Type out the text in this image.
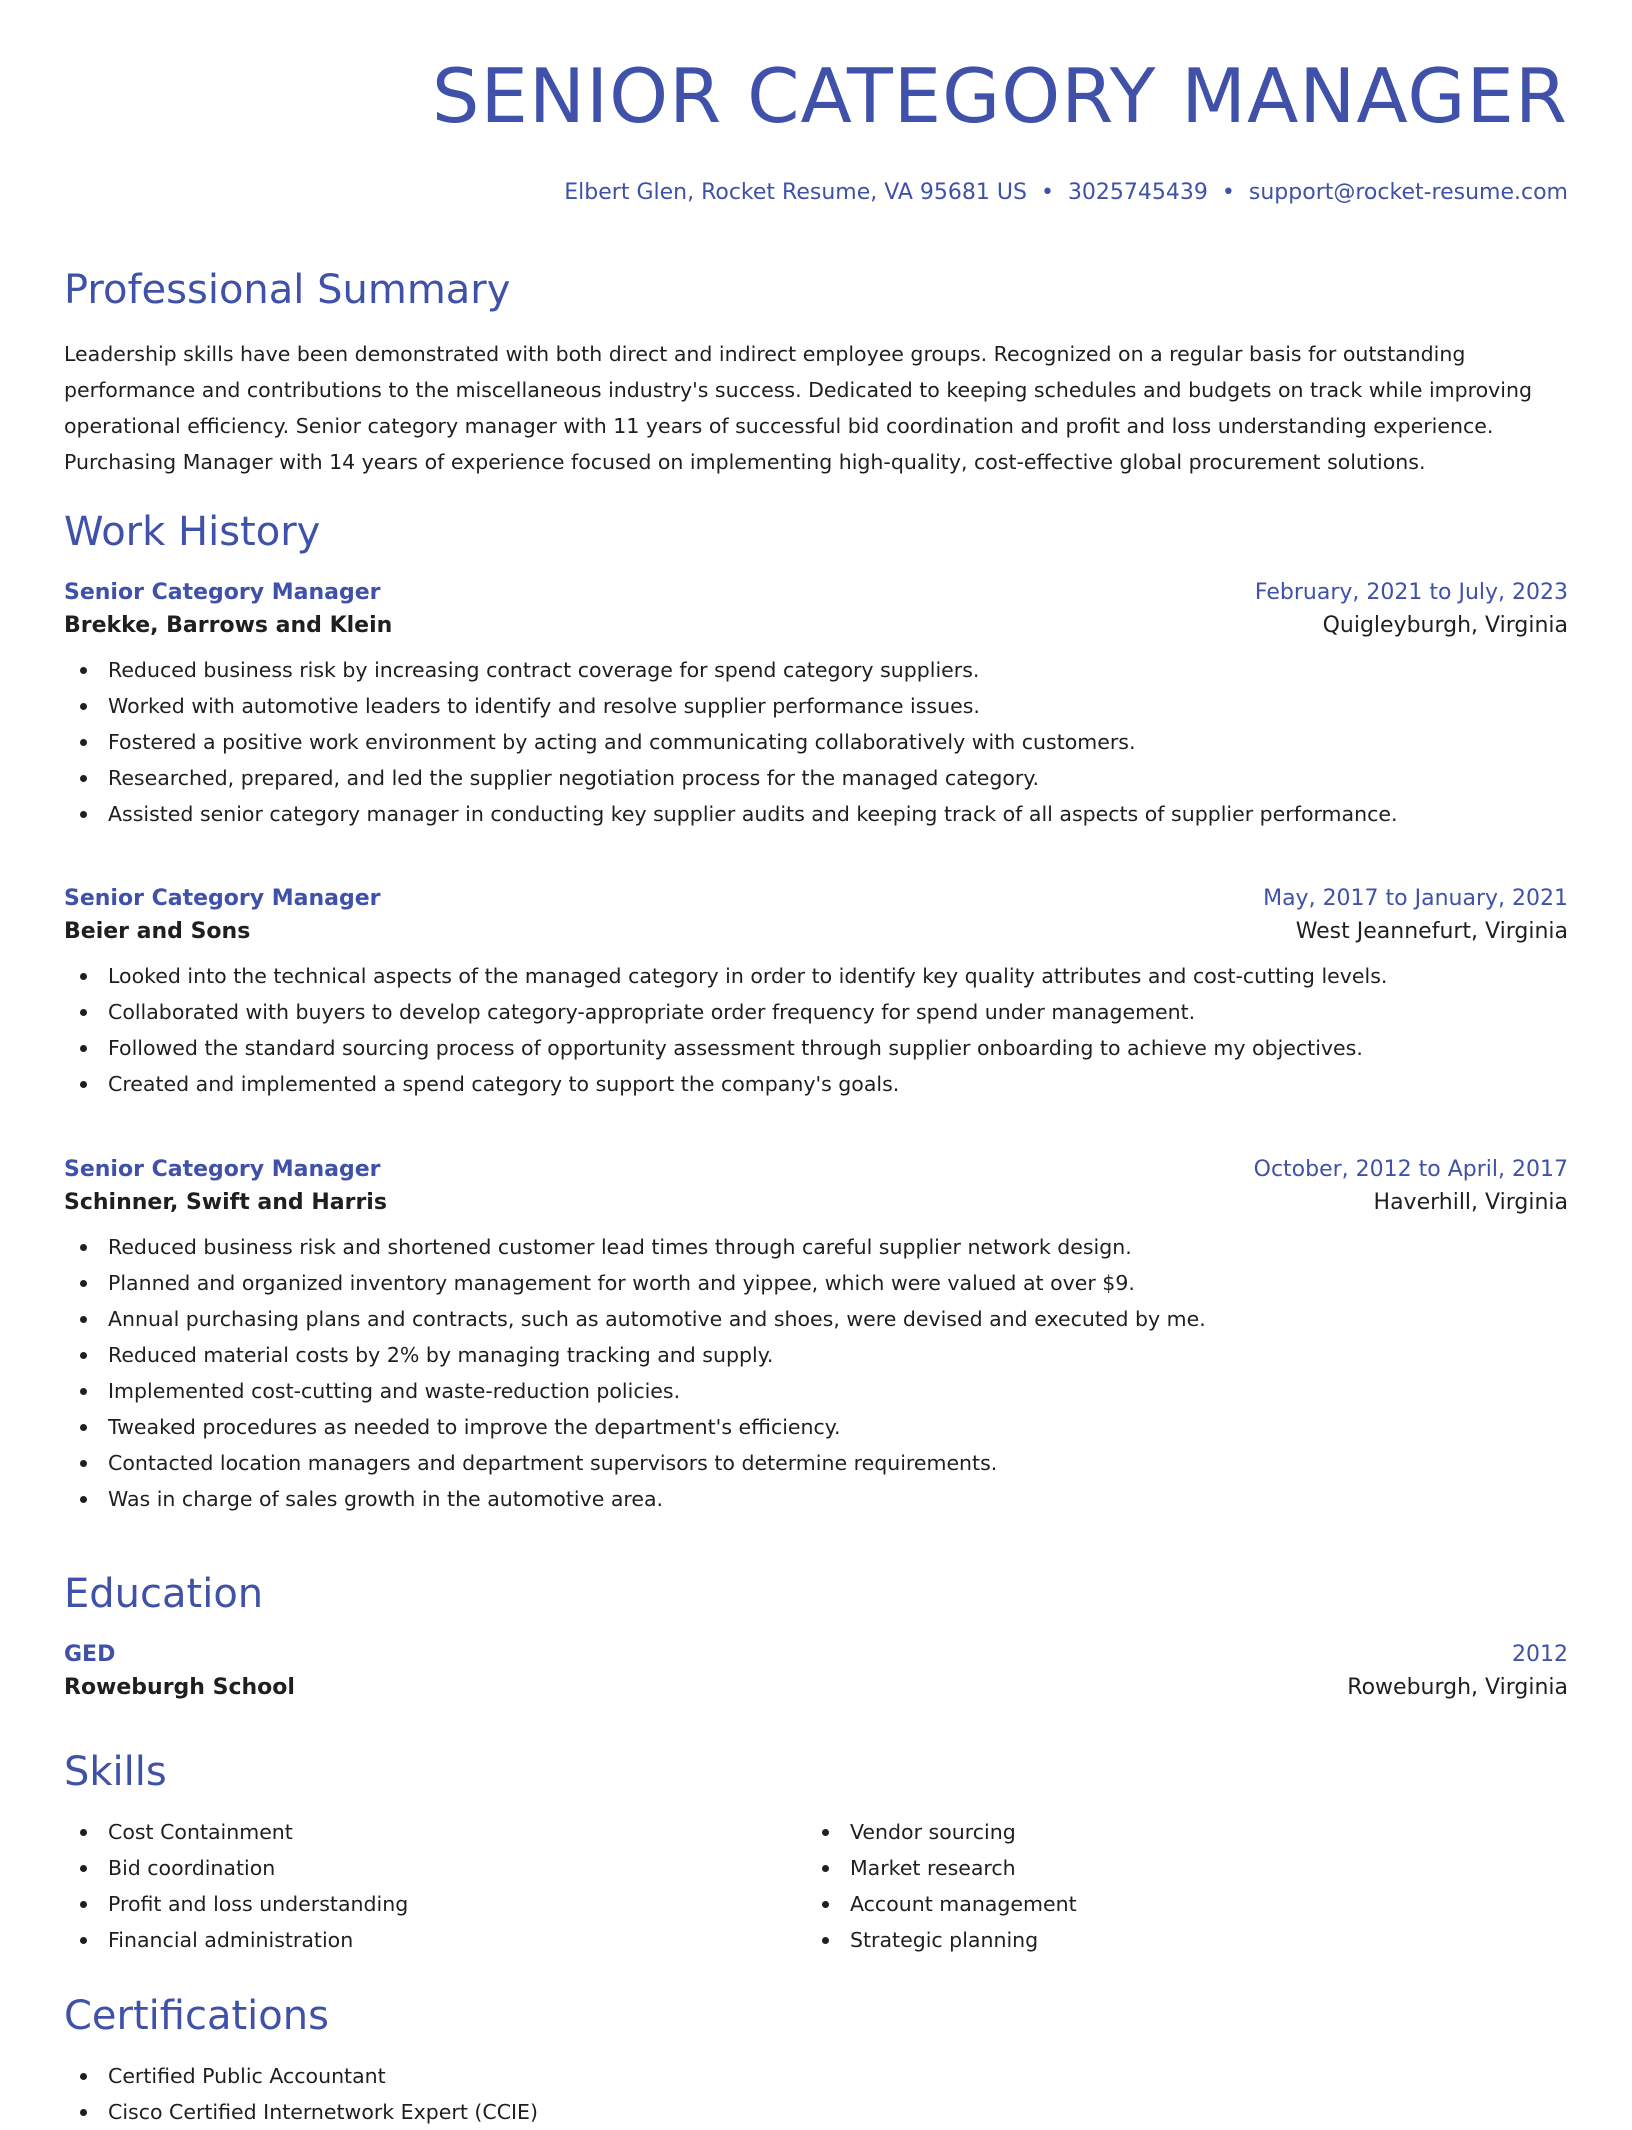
SENIOR CATEGORY MANAGER
Elbert Glen, Rocket Resume, VA 95681 US • 3025745439 • support@rocket-resume.com
Professional Summary

Leadership skills have been demonstrated with both direct and indirect employee groups. Recognized on a regular basis for outstanding performance and contributions to the miscellaneous industry's success. Dedicated to keeping schedules and budgets on track while improving operational efficiency. Senior category manager with 11 years of successful bid coordination and profit and loss understanding experience. Purchasing Manager with 14 years of experience focused on implementing high-quality, cost-effective global procurement solutions.

Work History
Senior Category Manager	February, 2021 to July, 2023
Brekke, Barrows and Klein	Quigleyburgh, Virginia
Reduced business risk by increasing contract coverage for spend category suppliers.
Worked with automotive leaders to identify and resolve supplier performance issues.
Fostered a positive work environment by acting and communicating collaboratively with customers.
Researched, prepared, and led the supplier negotiation process for the managed category.
Assisted senior category manager in conducting key supplier audits and keeping track of all aspects of supplier performance.
Senior Category Manager	May, 2017 to January, 2021
Beier and Sons	West Jeannefurt, Virginia
Looked into the technical aspects of the managed category in order to identify key quality attributes and cost-cutting levels.
Collaborated with buyers to develop category-appropriate order frequency for spend under management.
Followed the standard sourcing process of opportunity assessment through supplier onboarding to achieve my objectives.
Created and implemented a spend category to support the company's goals.
Senior Category Manager	October, 2012 to April, 2017
Schinner, Swift and Harris	Haverhill, Virginia
Reduced business risk and shortened customer lead times through careful supplier network design.
Planned and organized inventory management for worth and yippee, which were valued at over $9.
Annual purchasing plans and contracts, such as automotive and shoes, were devised and executed by me.
Reduced material costs by 2% by managing tracking and supply.
Implemented cost-cutting and waste-reduction policies.
Tweaked procedures as needed to improve the department's efficiency.
Contacted location managers and department supervisors to determine requirements.
Was in charge of sales growth in the automotive area.
Education
GED	2012
Roweburgh School	Roweburgh, Virginia
Skills
Cost Containment
Bid coordination
Profit and loss understanding
Financial administration
Vendor sourcing
Market research
Account management
Strategic planning
Certifications
Certified Public Accountant
Cisco Certified Internetwork Expert (CCIE)
